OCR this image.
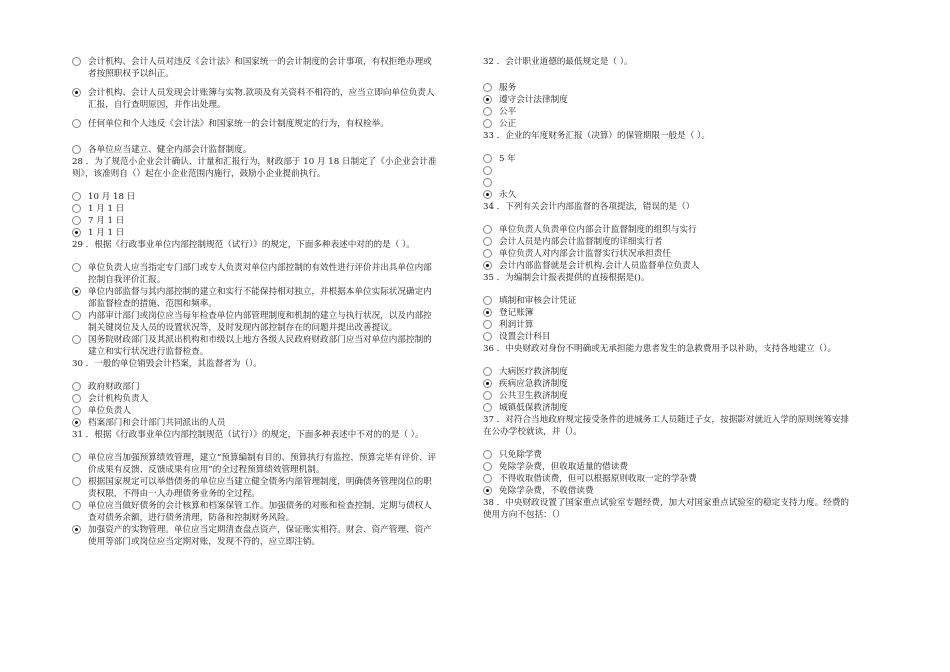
会计机构、会计人员对违反《会计法》和国家统一的会计制度的会计事项，有权拒绝办理或者按照职权予以纠正。
会计机构、会计人员发现会计账簿与实物.款项及有关资料不相符的，应当立即向单位负责人汇报，自行查明原因，并作出处理。
任何单位和个人违反《会计法》和国家统一的会计制度规定的行为，有权检举。
各单位应当建立、健全内部会计监督制度。

28 ．为了规范小企业会计确认、计量和汇报行为，财政部于 10 月 18 日制定了《小企业会计准则》，该准则自（）起在小企业范围内施行，鼓励小企业提前执行。

10 月 18 日
1 月 1 日
7 月 1 日
1 月 1 日

29 ．根据《行政事业单位内部控制规范（试行）》的规定，下面多种表述中对的的是（ ）。

单位负责人应当指定专门部门或专人负责对单位内部控制的有效性进行评价并出具单位内部控制自我评价汇报。
单位内部监督与其内部控制的建立和实行不能保持相对独立，并根据本单位实际状况确定内部监督检查的措施、范围和频率。
内部审计部门或岗位应当每年检查单位内部管理制度和机制的建立与执行状况，以及内部控制关键岗位及人员的设置状况等，及时发现内部控制存在的问题并提出改善提议。
国务院财政部门及其派出机构和市级以上地方各级人民政府财政部门应当对单位内部控制的建立和实行状况进行监督检查。

30 ．一般的单位销毁会计档案，其监督者为（）。

政府财政部门
会计机构负责人
单位负责人
档案部门和会计部门共同派出的人员

31 ．根据《行政事业单位内部控制规范（试行）》的规定，下面多种表述中不对的的是（ ）。

单位应当加强预算绩效管理，建立“预算编制有目的、预算执行有监控、预算完毕有评价、评价成果有反馈、反馈成果有应用”的全过程预算绩效管理机制。
根据国家规定可以举借债务的单位应当建立健全债务内部管理制度，明确债务管理岗位的职责权限，不得由一人办理债务业务的全过程。
单位应当做好债务的会计核算和档案保管工作。加强债务的对账和检查控制，定期与债权人查对债务余额，进行债务清理，防备和控制财务风险。
加强资产的实物管理。单位应当定期清查盘点资产，保证账实相符。财会、资产管理、资产使用等部门或岗位应当定期对账，发现不符的，应立即注销。

32 ．会计职业道德的最低规定是（ ）。

服务
遵守会计法律制度
公平
公正

33 ．企业的年度财务汇报（决算）的保管期限一般是（ ）。

5 年
永久

34 ．下列有关会计内部监督的各项提法，错误的是（）

单位负责人负责单位内部会计监督制度的组织与实行
会计人员是内部会计监督制度的详细实行者
单位负责人对内部会计监督实行状况承担责任
会计内部监督就是会计机构.会计人员监督单位负责人

35 ．为编制会计报表提供的直接根据是()。

填制和审核会计凭证
登记账簿
利润计算
设置会计科目

36 ．中央财政对身份不明确或无承担能力患者发生的急救费用予以补助，支持各地建立（）。

大病医疗救济制度
疾病应急救济制度
公共卫生救济制度
城镇低保救济制度

37 ．对符合当地政府规定接受条件的进城务工人员随迁子女，按据影对就近入学的原则统筹安排在公办学校就读，并（）。

只免除学费
免除学杂费，但收取适量的借读费
不得收取借读费，但可以根据原则收取一定的学杂费
免除学杂费，不收借读费

38 ．中央财政设置了国家重点试验室专题经费，加大对国家重点试验室的稳定支持力度。经费的使用方向不包括：（）
